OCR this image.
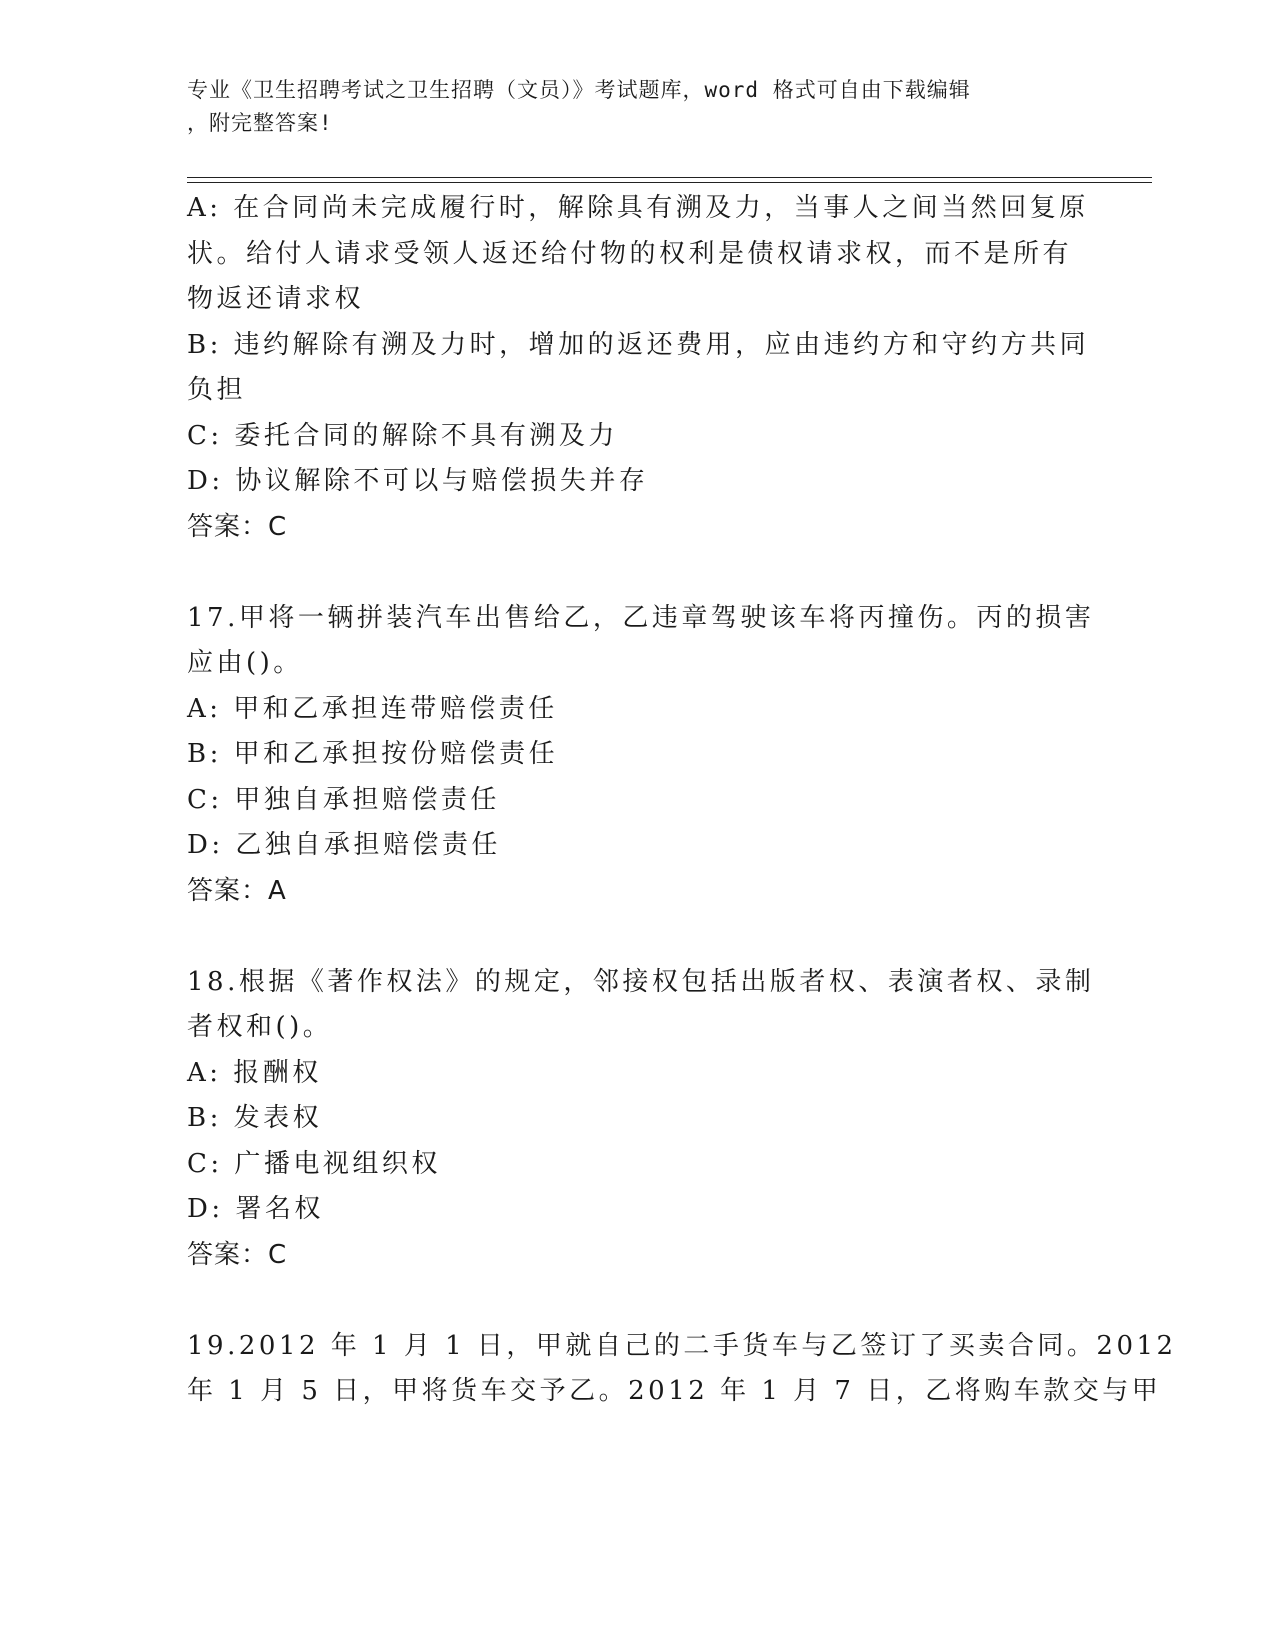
专业《卫生招聘考试之卫生招聘（文员）》考试题库，word 格式可自由下载编辑
，附完整答案!
A: 在合同尚未完成履行时，解除具有溯及力，当事人之间当然回复原
状。给付人请求受领人返还给付物的权利是债权请求权，而不是所有
物返还请求权
B: 违约解除有溯及力时，增加的返还费用，应由违约方和守约方共同
负担
C: 委托合同的解除不具有溯及力
D: 协议解除不可以与赔偿损失并存
答案：C
17.甲将一辆拼装汽车出售给乙，乙违章驾驶该车将丙撞伤。丙的损害
应由()。
A: 甲和乙承担连带赔偿责任
B: 甲和乙承担按份赔偿责任
C: 甲独自承担赔偿责任
D: 乙独自承担赔偿责任
答案：A
18.根据《著作权法》的规定，邻接权包括出版者权、表演者权、录制
者权和()。
A: 报酬权
B: 发表权
C: 广播电视组织权
D: 署名权
答案：C
19.2012 年 1 月 1 日，甲就自己的二手货车与乙签订了买卖合同。2012
年 1 月 5 日，甲将货车交予乙。2012 年 1 月 7 日，乙将购车款交与甲
